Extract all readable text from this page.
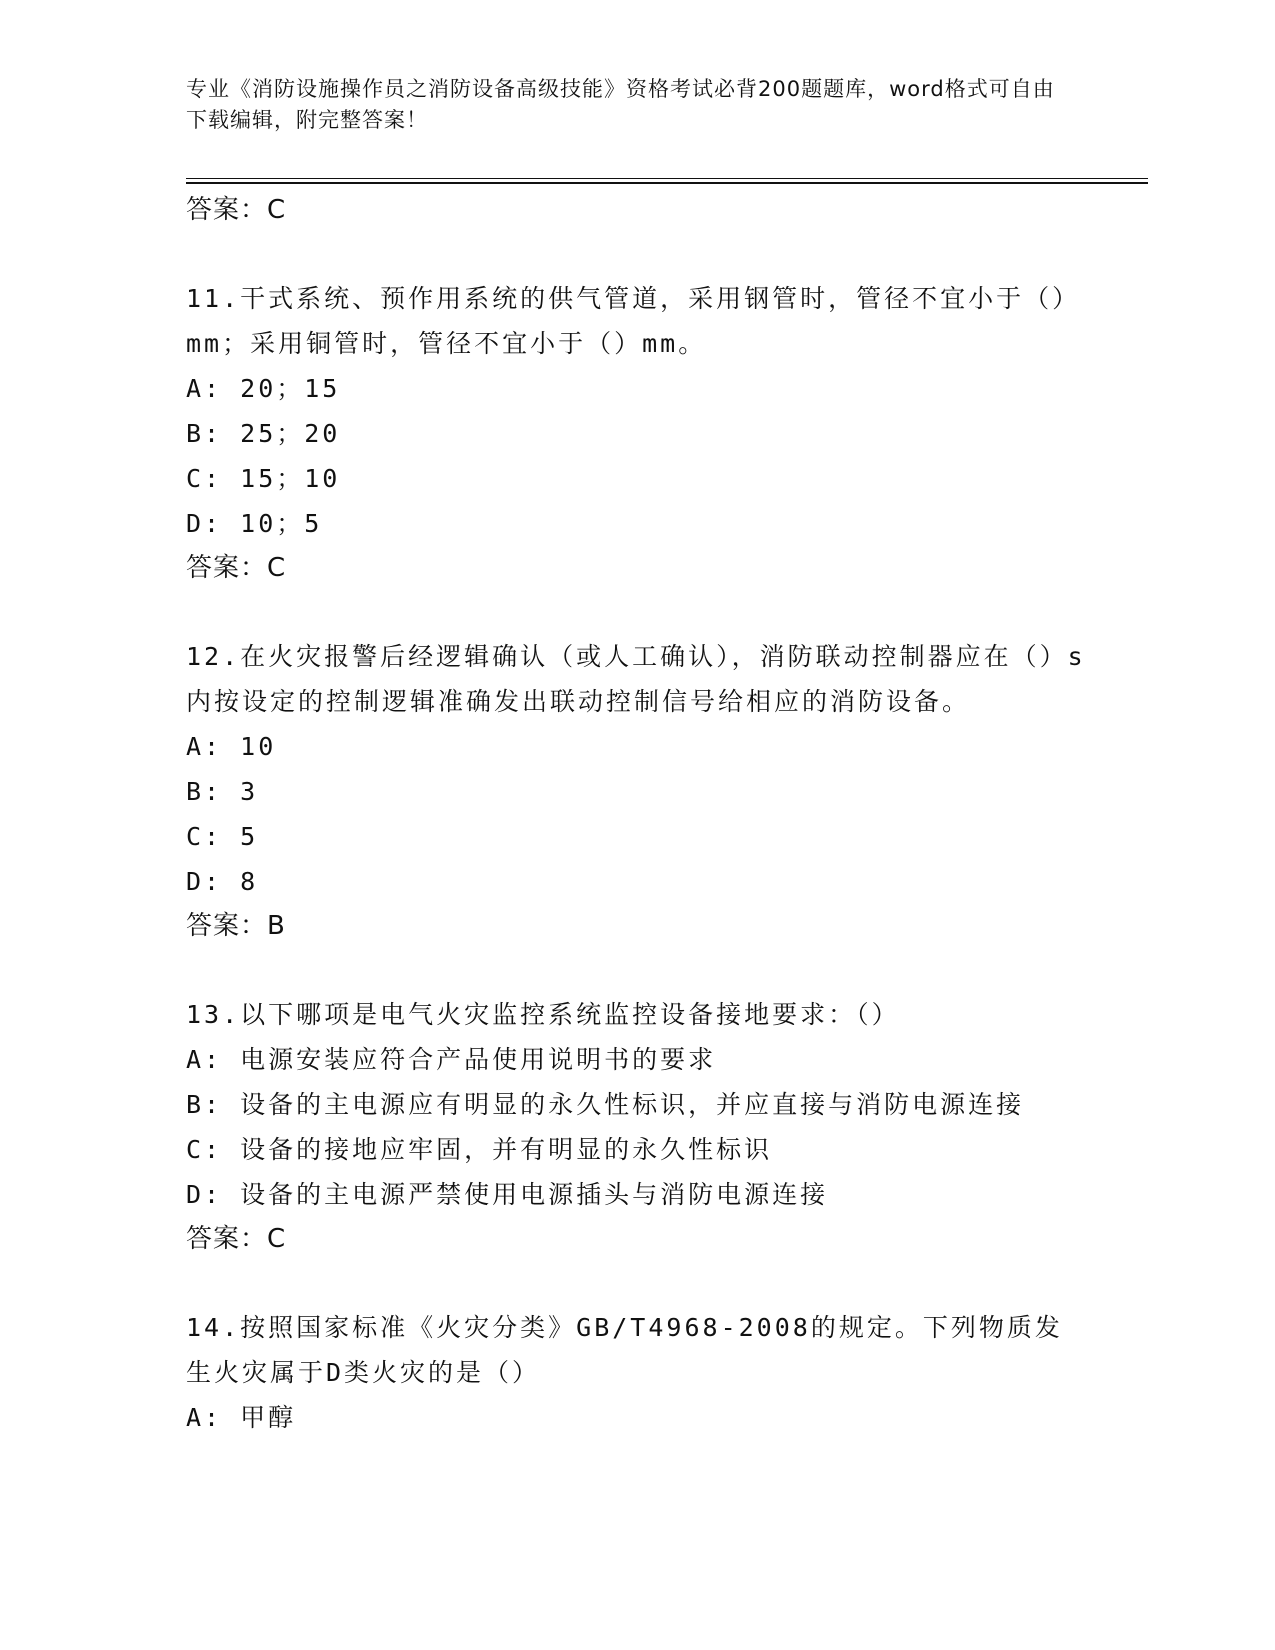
专业《消防设施操作员之消防设备高级技能》资格考试必背200题题库，word格式可自由下载编辑，附完整答案！
答案：C
11.干式系统、预作用系统的供气管道，采用钢管时，管径不宜小于（）mm；采用铜管时，管径不宜小于（）mm。
A: 20；15
B: 25；20
C: 15；10
D: 10；5
答案：C
12.在火灾报警后经逻辑确认（或人工确认），消防联动控制器应在（）s内按设定的控制逻辑准确发出联动控制信号给相应的消防设备。
A: 10
B: 3
C: 5
D: 8
答案：B
13.以下哪项是电气火灾监控系统监控设备接地要求：（）
A: 电源安装应符合产品使用说明书的要求
B: 设备的主电源应有明显的永久性标识，并应直接与消防电源连接
C: 设备的接地应牢固，并有明显的永久性标识
D: 设备的主电源严禁使用电源插头与消防电源连接
答案：C
14.按照国家标准《火灾分类》GB/T4968-2008的规定。下列物质发生火灾属于D类火灾的是（）
A: 甲醇
